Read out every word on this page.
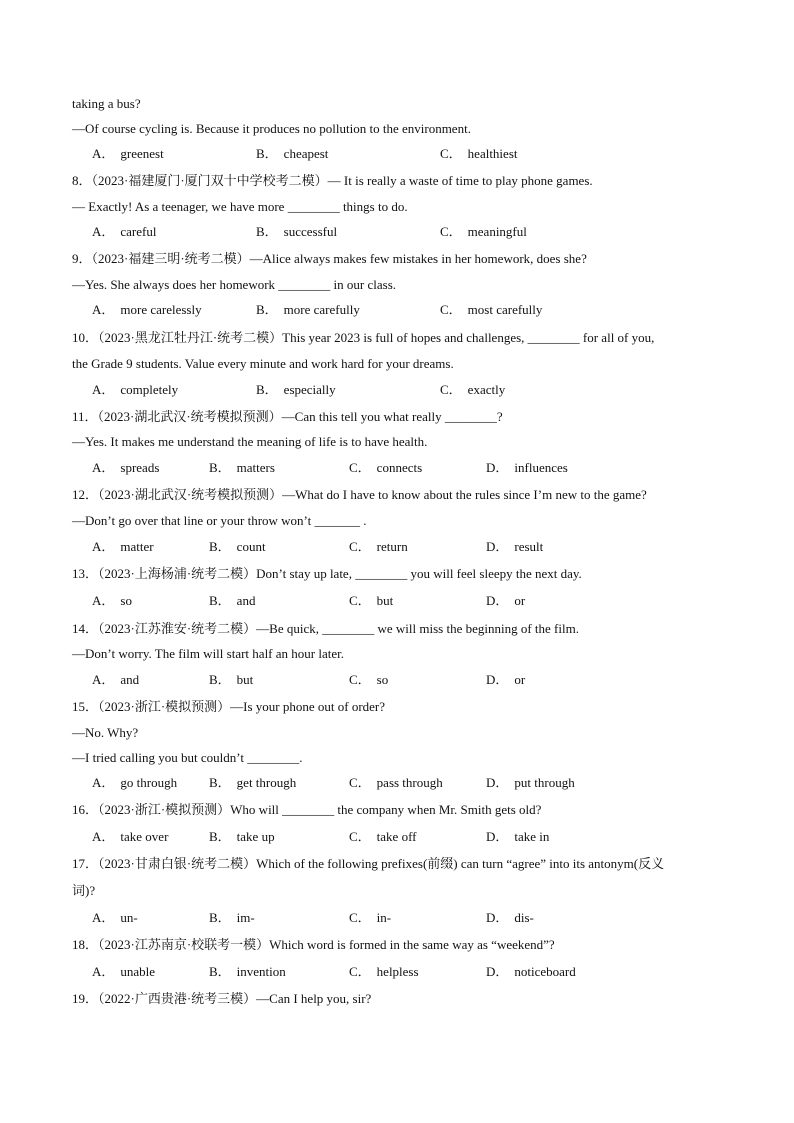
taking a bus?
—Of course cycling is. Because it produces no pollution to the environment.
A． greenest	B． cheapest	C． healthiest
8．（2023·福建厦门·厦门双十中学校考二模）— It is really a waste of time to play phone games.
— Exactly! As a teenager, we have more ________ things to do.
A． careful	B． successful	C． meaningful
9．（2023·福建三明·统考二模）—Alice always makes few mistakes in her homework, does she?
—Yes. She always does her homework ________ in our class.
A． more carelessly	B． more carefully	C． most carefully
10．（2023·黑龙江牡丹江·统考二模）This year 2023 is full of hopes and challenges, ________ for all of you,
the Grade 9 students. Value every minute and work hard for your dreams.
A． completely	B． especially	C． exactly
11．（2023·湖北武汉·统考模拟预测）—Can this tell you what really ________?
—Yes. It makes me understand the meaning of life is to have health.
A． spreads	B． matters	C． connects	D． influences
12．（2023·湖北武汉·统考模拟预测）—What do I have to know about the rules since I’m new to the game?
—Don’t go over that line or your throw won’t _______ .
A． matter	B． count	C． return	D． result
13．（2023·上海杨浦·统考二模）Don’t stay up late, ________ you will feel sleepy the next day.
A． so	B． and	C． but	D． or
14．（2023·江苏淮安·统考二模）—Be quick, ________ we will miss the beginning of the film.
—Don’t worry. The film will start half an hour later.
A． and	B． but	C． so	D． or
15．（2023·浙江·模拟预测）—Is your phone out of order?
—No. Why?
—I tried calling you but couldn’t ________.
A． go through B． get through	C． pass through	D． put through
16．（2023·浙江·模拟预测）Who will ________ the company when Mr. Smith gets old?
A． take over	B． take up	C． take off	D． take in
17．（2023·甘肃白银·统考二模）Which of the following prefixes(前缀) can turn “agree” into its antonym(反义
词)?
A． un-	B． im-	C． in-	D． dis-
18．（2023·江苏南京·校联考一模）Which word is formed in the same way as “weekend”?
A． unable	B． invention	C． helpless	D． noticeboard
19．（2022·广西贵港·统考三模）—Can I help you, sir?
